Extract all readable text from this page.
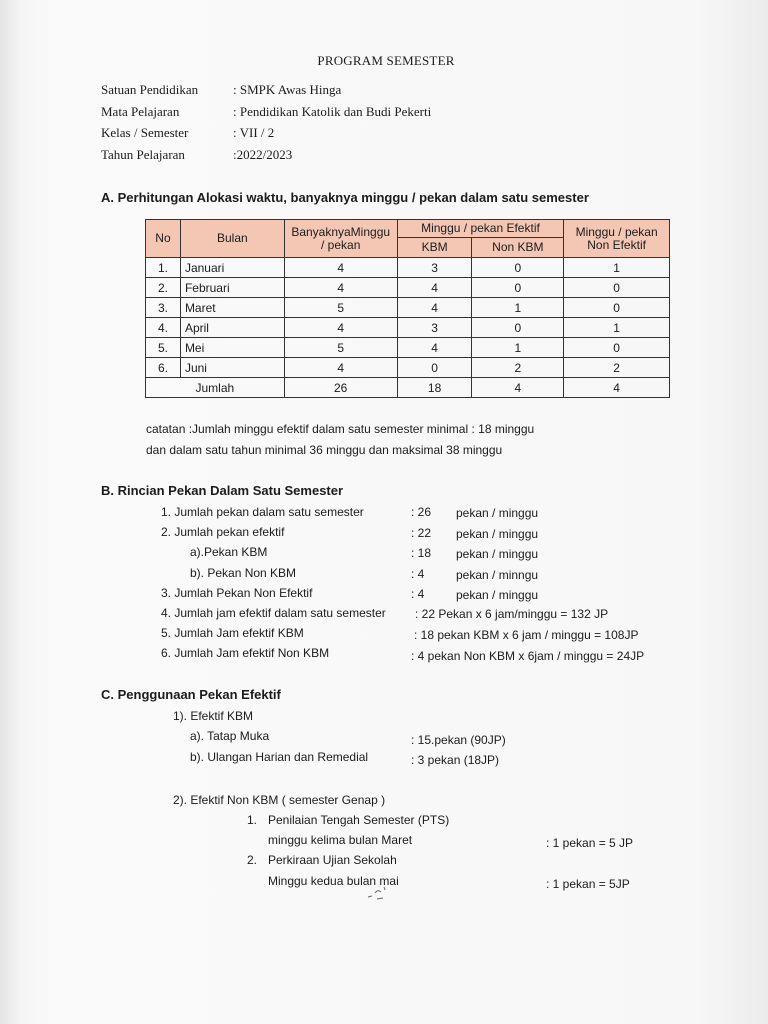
PROGRAM SEMESTER
Satuan Pendidikan	: SMPK Awas Hinga
Mata Pelajaran	: Pendidikan Katolik dan Budi Pekerti
Kelas / Semester	: VII / 2
Tahun Pelajaran	:2022/2023
A. Perhitungan Alokasi waktu, banyaknya minggu / pekan dalam satu semester
No	Bulan	BanyaknyaMinggu / pekan	Minggu / pekan Efektif		Minggu / pekan Non Efektif
			KBM	Non KBM	
1.	Januari	4	3	0	1
2.	Februari	4	4	0	0
3.	Maret	5	4	1	0
4.	April	4	3	0	1
5.	Mei	5	4	1	0
6.	Juni	4	0	2	2
Jumlah		26	18	4	4
catatan :Jumlah minggu efektif dalam satu semester minimal : 18 minggu
dan dalam satu tahun minimal 36 minggu dan maksimal 38 minggu
B. Rincian Pekan Dalam Satu Semester
1. Jumlah pekan dalam satu semester	: 26 pekan / minggu
2. Jumlah pekan efektif	: 22 pekan / minggu
a).Pekan KBM	: 18 pekan / minggu
b). Pekan Non KBM	: 4	pekan / minngu
3. Jumlah Pekan Non Efektif	: 4	pekan / minggu
4. Jumlah jam efektif dalam satu semester : 22 Pekan x 6 jam/minggu = 132 JP
5. Jumlah Jam efektif KBM	: 18 pekan KBM x 6 jam / minggu = 108JP
6. Jumlah Jam efektif Non KBM	: 4 pekan Non KBM x 6jam / minggu = 24JP
C. Penggunaan Pekan Efektif
1). Efektif KBM
a). Tatap Muka	: 15.pekan (90JP)
b). Ulangan Harian dan Remedial	: 3 pekan (18JP)
2). Efektif Non KBM ( semester Genap )
1. Penilaian Tengah Semester (PTS)
minggu kelima bulan Maret	: 1 pekan = 5 JP
2. Perkiraan Ujian Sekolah
Minggu kedua bulan mai	: 1 pekan = 5JP
